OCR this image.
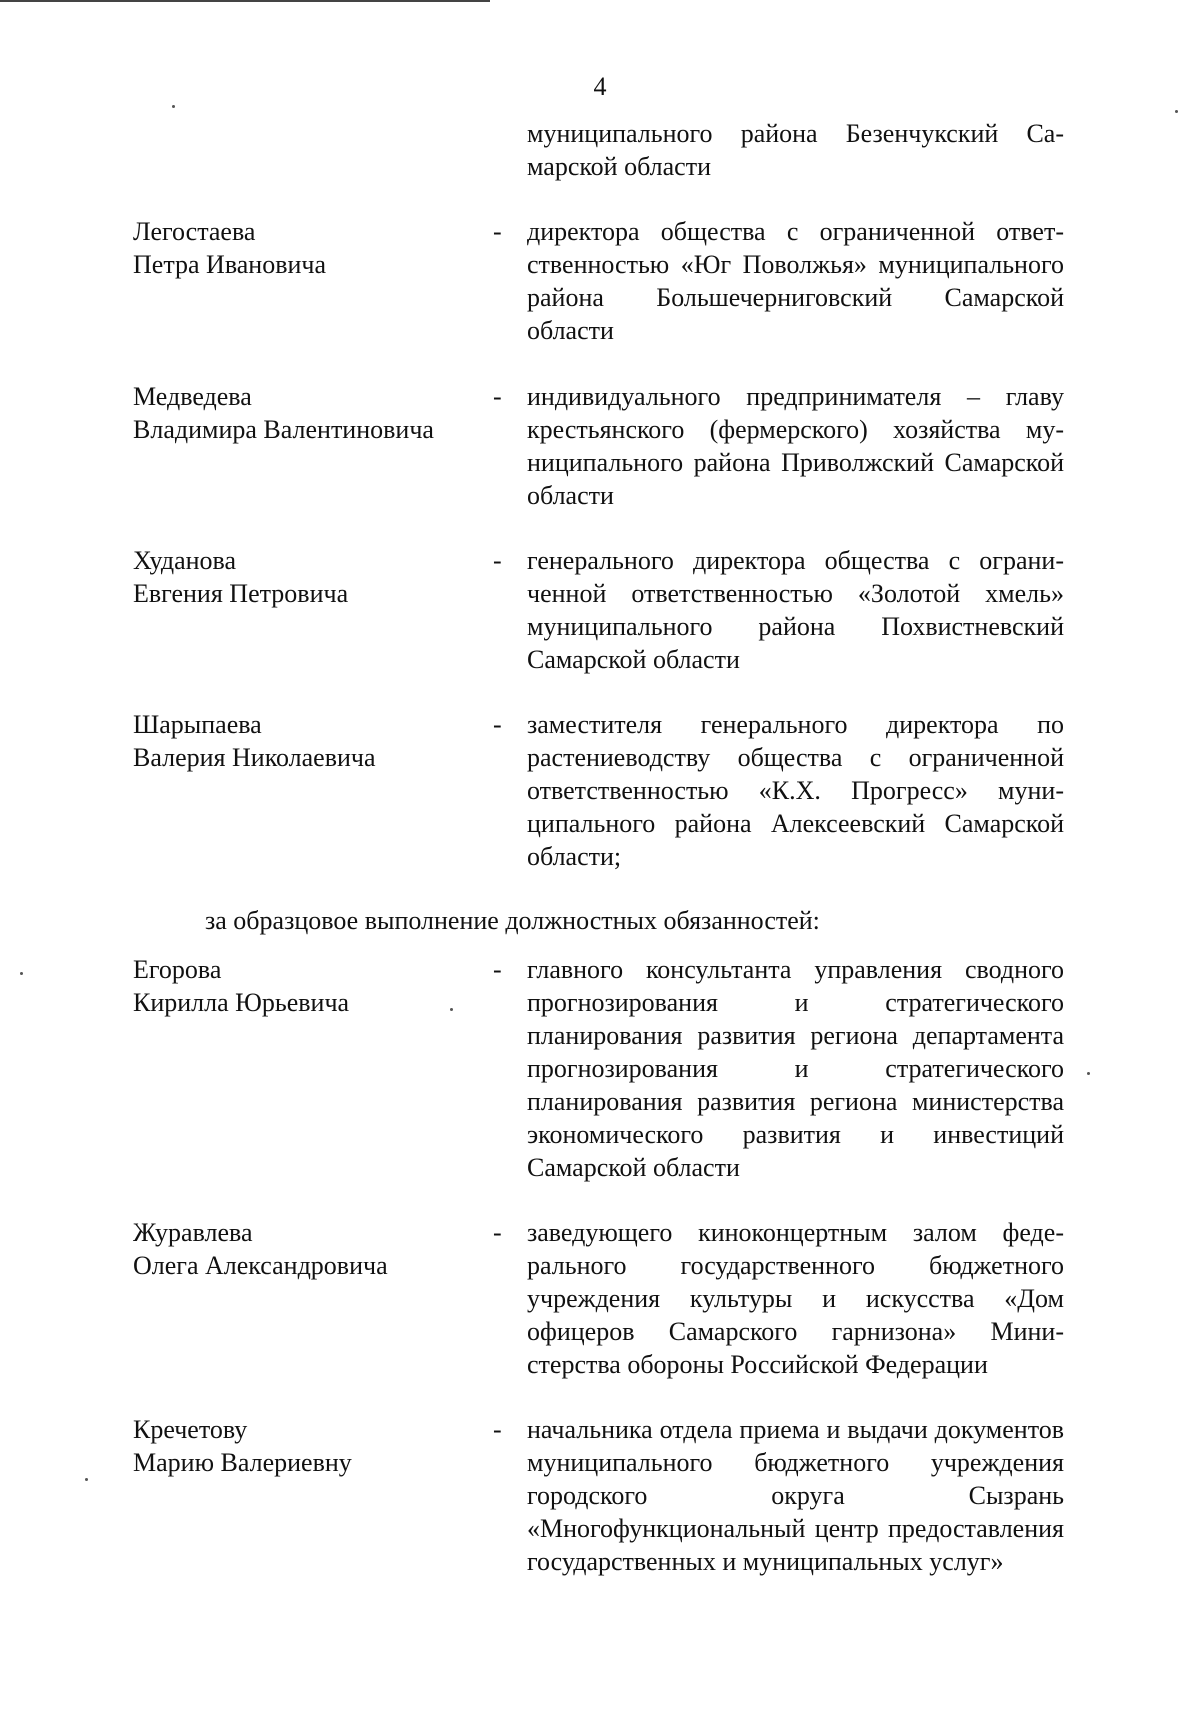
4
муниципального района Безенчукский Самарской области
Легостаева
Петра Ивановича
- директора общества с ограниченной ответственностью «Юг Поволжья» муниципального района Большечерниговский Самарской области
Медведева
Владимира Валентиновича
- индивидуального предпринимателя – главу крестьянского (фермерского) хозяйства муниципального района Приволжский Самарской области
Худанова
Евгения Петровича
- генерального директора общества с ограниченной ответственностью «Золотой хмель» муниципального района Похвистневский Самарской области
Шарыпаева
Валерия Николаевича
- заместителя генерального директора по растениеводству общества с ограниченной ответственностью «К.Х. Прогресс» муниципального района Алексеевский Самарской области;
за образцовое выполнение должностных обязанностей:
Егорова
Кирилла Юрьевича
- главного консультанта управления сводного прогнозирования и стратегического планирования развития региона департамента прогнозирования и стратегического планирования развития региона министерства экономического развития и инвестиций Самарской области
Журавлева
Олега Александровича
- заведующего киноконцертным залом федерального государственного бюджетного учреждения культуры и искусства «Дом офицеров Самарского гарнизона» Министерства обороны Российской Федерации
Кречетову
Марию Валериевну
- начальника отдела приема и выдачи документов муниципального бюджетного учреждения городского округа Сызрань «Многофункциональный центр предоставления государственных и муниципальных услуг»
